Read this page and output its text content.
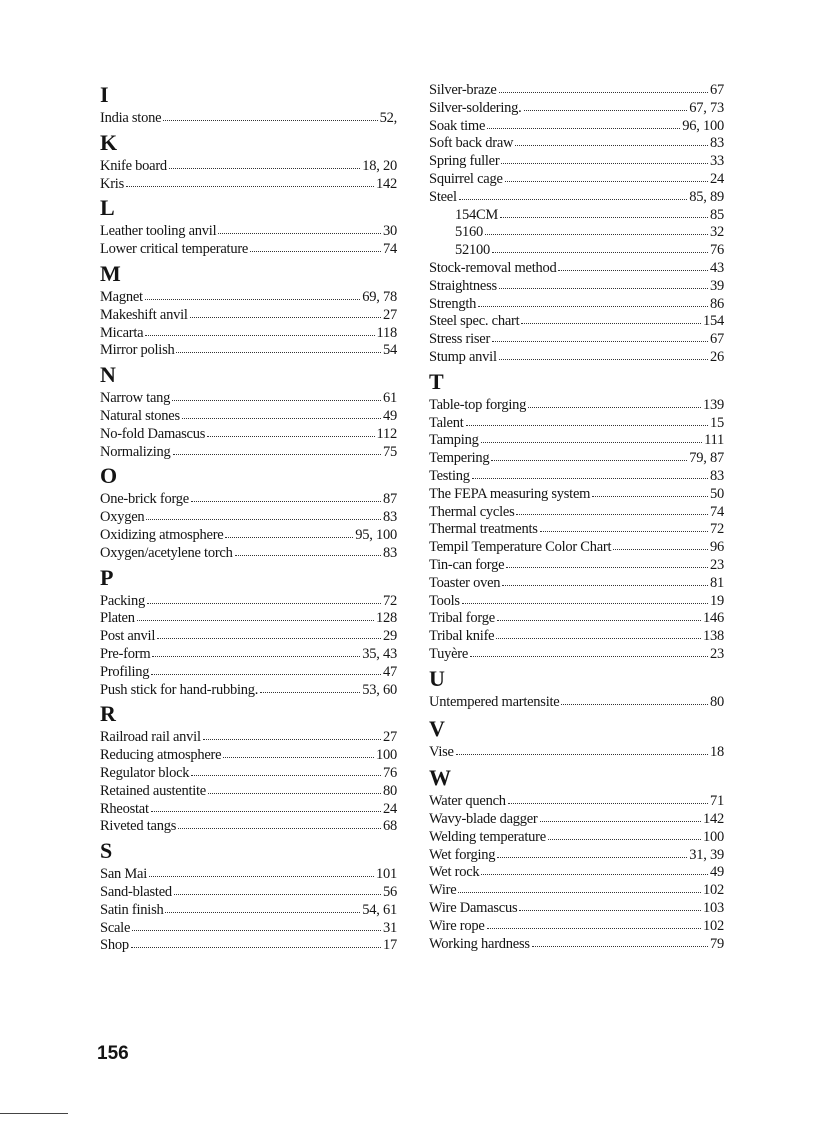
I
India stone	52,
K
Knife board	18, 20
Kris	142
L
Leather tooling anvil	30
Lower critical temperature	74
M
Magnet	69, 78
Makeshift anvil	27
Micarta	118
Mirror polish	54
N
Narrow tang	61
Natural stones	49
No-fold Damascus	112
Normalizing	75
O
One-brick forge	87
Oxygen	83
Oxidizing atmosphere	95, 100
Oxygen/acetylene torch	83
P
Packing	72
Platen	128
Post anvil	29
Pre-form	35, 43
Profiling	47
Push stick for hand-rubbing.	53, 60
R
Railroad rail anvil	27
Reducing atmosphere	100
Regulator block	76
Retained austentite	80
Rheostat	24
Riveted tangs	68
S
San Mai	101
Sand-blasted	56
Satin finish	54, 61
Scale	31
Shop	17
Silver-braze	67
Silver-soldering.	67, 73
Soak time	96, 100
Soft back draw	83
Spring fuller	33
Squirrel cage	24
Steel	85, 89
154CM	85
5160	32
52100	76
Stock-removal method	43
Straightness	39
Strength	86
Steel spec. chart	154
Stress riser	67
Stump anvil	26
T
Table-top forging	139
Talent	15
Tamping	111
Tempering	79, 87
Testing	83
The FEPA measuring system	50
Thermal cycles	74
Thermal treatments	72
Tempil Temperature Color Chart	96
Tin-can forge	23
Toaster oven	81
Tools	19
Tribal forge	146
Tribal knife	138
Tuyère	23
U
Untempered martensite	80
V
Vise	18
W
Water quench	71
Wavy-blade dagger	142
Welding temperature	100
Wet forging	31, 39
Wet rock	49
Wire	102
Wire Damascus	103
Wire rope	102
Working hardness	79
156
